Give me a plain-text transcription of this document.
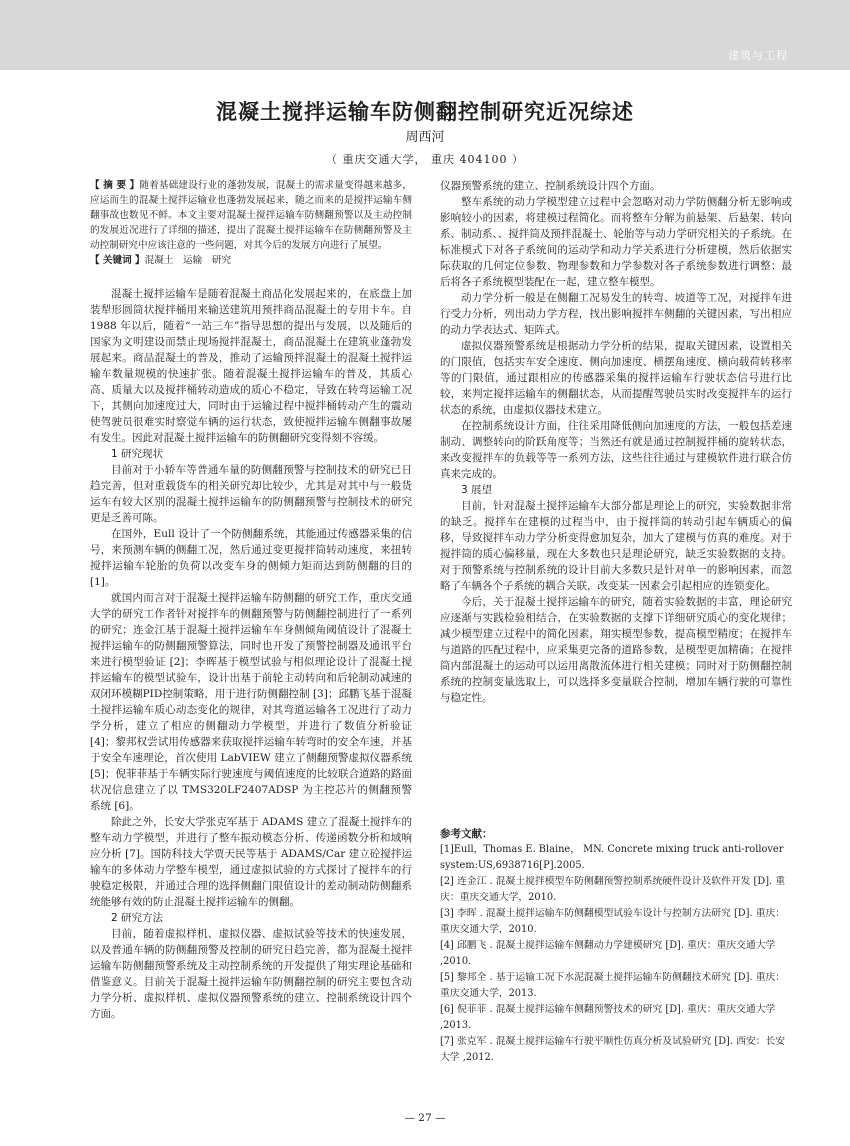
建筑与工程
混凝土搅拌运输车防侧翻控制研究近况综述
周西河
（ 重庆交通大学， 重庆 404100 ）

【 摘 要 】随着基础建设行业的蓬勃发展，混凝土的需求量变得越来越多，应运而生的混凝土搅拌运输业也蓬勃发展起来，随之而来的是搅拌运输车侧翻事故也数见不鲜。本文主要对混凝土搅拌运输车防侧翻预警以及主动控制的发展近况进行了详细的描述，提出了混凝土搅拌运输车在防侧翻预警及主动控制研究中应该注意的一些问题，对其今后的发展方向进行了展望。

【 关键词 】混凝土　运输　研究

混凝土搅拌运输车是随着混凝土商品化发展起来的，在底盘上加装犁形圆筒状搅拌桶用来输送建筑用预拌商品混凝土的专用卡车。自 1988 年以后，随着“一站三车”指导思想的提出与发展，以及随后的国家为文明建设而禁止现场搅拌混凝土，商品混凝土在建筑业蓬勃发展起来。商品混凝土的普及，推动了运输预拌混凝土的混凝土搅拌运输车数量规模的快速扩张。随着混凝土搅拌运输车的普及，其质心高、质量大以及搅拌桶转动造成的质心不稳定，导致在转弯运输工况下，其侧向加速度过大，同时由于运输过程中搅拌桶转动产生的震动使驾驶员很难实时察觉车辆的运行状态，致使搅拌运输车侧翻事故屡有发生。因此对混凝土搅拌运输车的防侧翻研究变得刻不容缓。

1 研究现状

目前对于小轿车等普通车量的防侧翻预警与控制技术的研究已日趋完善，但对重载货车的相关研究却比较少，尤其是对其中与一般货运车有较大区别的混凝土搅拌运输车的防侧翻预警与控制技术的研究更是乏善可陈。

在国外，Eull 设计了一个防侧翻系统，其能通过传感器采集的信号，来预测车辆的侧翻工况，然后通过变更搅拌筒转动速度，来扭转搅拌运输车轮胎的负荷以改变车身的侧倾力矩而达到防侧翻的目的 [1]。

就国内而言对于混凝土搅拌运输车防侧翻的研究工作，重庆交通大学的研究工作者针对搅拌车的侧翻预警与防侧翻控制进行了一系列的研究；连金江基于混凝土搅拌运输车车身侧倾角阈值设计了混凝土搅拌运输车的防侧翻预警算法，同时也开发了预警控制器及通讯平台来进行模型验证 [2]；李晖基于模型试验与相似理论设计了混凝土搅拌运输车的模型试验车，设计出基于前轮主动转向和后轮制动减速的双闭环模糊PID控制策略，用于进行防侧翻控制 [3]；邱鹏飞基于混凝土搅拌运输车质心动态变化的规律，对其弯道运输各工况进行了动力学分析，建立了相应的侧翻动力学模型，并进行了数值分析验证 [4]；黎邦权尝试用传感器来获取搅拌运输车转弯时的安全车速，并基于安全车速理论，首次使用 LabVIEW 建立了侧翻预警虚拟仪器系统 [5]；倪菲菲基于车辆实际行驶速度与阈值速度的比较联合道路的路面状况信息建立了以 TMS320LF2407ADSP 为主控芯片的侧翻预警系统 [6]。

除此之外，长安大学张克军基于 ADAMS 建立了混凝土搅拌车的整车动力学模型，并进行了整车振动模态分析、传递函数分析和域响应分析 [7]。国防科技大学贾天民等基于 ADAMS/Car 建立砼搅拌运输车的多体动力学整车模型，通过虚拟试验的方式探讨了搅拌车的行驶稳定极限，并通过合理的选择侧翻门限值设计的差动制动防侧翻系统能够有效的防止混凝土搅拌运输车的侧翻。

2 研究方法

目前，随着虚拟样机、虚拟仪器、虚拟试验等技术的快速发展，以及普通车辆的防侧翻预警及控制的研究日趋完善，都为混凝土搅拌运输车防侧翻预警系统及主动控制系统的开发提供了翔实理论基础和借鉴意义。目前关于混凝土搅拌运输车防侧翻控制的研究主要包含动力学分析、虚拟样机、虚拟仪器预警系统的建立、控制系统设计四个方面。

仪器预警系统的建立、控制系统设计四个方面。

整车系统的动力学模型建立过程中会忽略对动力学防侧翻分析无影响或影响较小的因素，将建模过程简化。而将整车分解为前悬架、后悬架、转向系、制动系、、搅拌筒及预拌混凝土、轮胎等与动力学研究相关的子系统。在标准模式下对各子系统间的运动学和动力学关系进行分析建模，然后依据实际获取的几何定位参数、物理参数和力学参数对各子系统参数进行调整；最后将各子系统模型装配在一起，建立整车模型。

动力学分析一般是在侧翻工况易发生的转弯、坡道等工况，对搅拌车进行受力分析，列出动力学方程，找出影响搅拌车侧翻的关键因素，写出相应的动力学表达式、矩阵式。

虚拟仪器预警系统是根据动力学分析的结果，提取关键因素，设置相关的门限值，包括实车安全速度、侧向加速度、横摆角速度、横向载荷转移率等的门限值，通过跟相应的传感器采集的搅拌运输车行驶状态信号进行比较，来判定搅拌运输车的侧翻状态，从而提醒驾驶员实时改变搅拌车的运行状态的系统，由虚拟仪器技术建立。

在控制系统设计方面，往往采用降低侧向加速度的方法，一般包括差速制动、调整转向的阶跃角度等；当然还有就是通过控制搅拌桶的旋转状态，来改变搅拌车的负载等等一系列方法，这些往往通过与建模软件进行联合仿真来完成的。

3 展望

目前，针对混凝土搅拌运输车大部分都是理论上的研究，实验数据非常的缺乏。搅拌车在建模的过程当中，由于搅拌筒的转动引起车辆质心的偏移，导致搅拌车动力学分析变得愈加复杂，加大了建模与仿真的难度。对于搅拌筒的质心偏移量，现在大多数也只是理论研究，缺乏实验数据的支持。对于预警系统与控制系统的设计目前大多数只是针对单一的影响因素，而忽略了车辆各个子系统的耦合关联，改变某一因素会引起相应的连锁变化。

今后，关于混凝土搅拌运输车的研究，随着实验数据的丰富，理论研究应逐渐与实践检验相结合，在实验数据的支撑下详细研究质心的变化规律；减少模型建立过程中的简化因素，翔实模型参数，提高模型精度；在搅拌车与道路的匹配过程中，应采集更完备的道路参数，是模型更加精确；在搅拌筒内部混凝土的运动可以运用离散流体进行相关建模；同时对于防侧翻控制系统的控制变量选取上，可以选择多变量联合控制，增加车辆行驶的可靠性与稳定性。

参考文献：

[1]Eull，Thomas E. Blaine， MN. Concrete mixing truck anti-rollover system:US,6938716[P].2005.

[2] 连金江 . 混凝土搅拌模型车防侧翻预警控制系统硬件设计及软件开发 [D]. 重庆：重庆交通大学，2010.

[3] 李晖 . 混凝土搅拌运输车防侧翻模型试验车设计与控制方法研究 [D]. 重庆：重庆交通大学，2010.

[4] 邱鹏飞 . 混凝土搅拌运输车侧翻动力学建模研究 [D]. 重庆：重庆交通大学 ,2010.

[5] 黎邦全 . 基于运输工况下水泥混凝土搅拌运输车防侧翻技术研究 [D]. 重庆：重庆交通大学，2013.

[6] 倪菲菲 . 混凝土搅拌运输车侧翻预警技术的研究 [D]. 重庆：重庆交通大学 ,2013.

[7] 张克军 . 混凝土搅拌运输车行驶平顺性仿真分析及试验研究 [D]. 西安：长安大学 ,2012.

— 27 —
